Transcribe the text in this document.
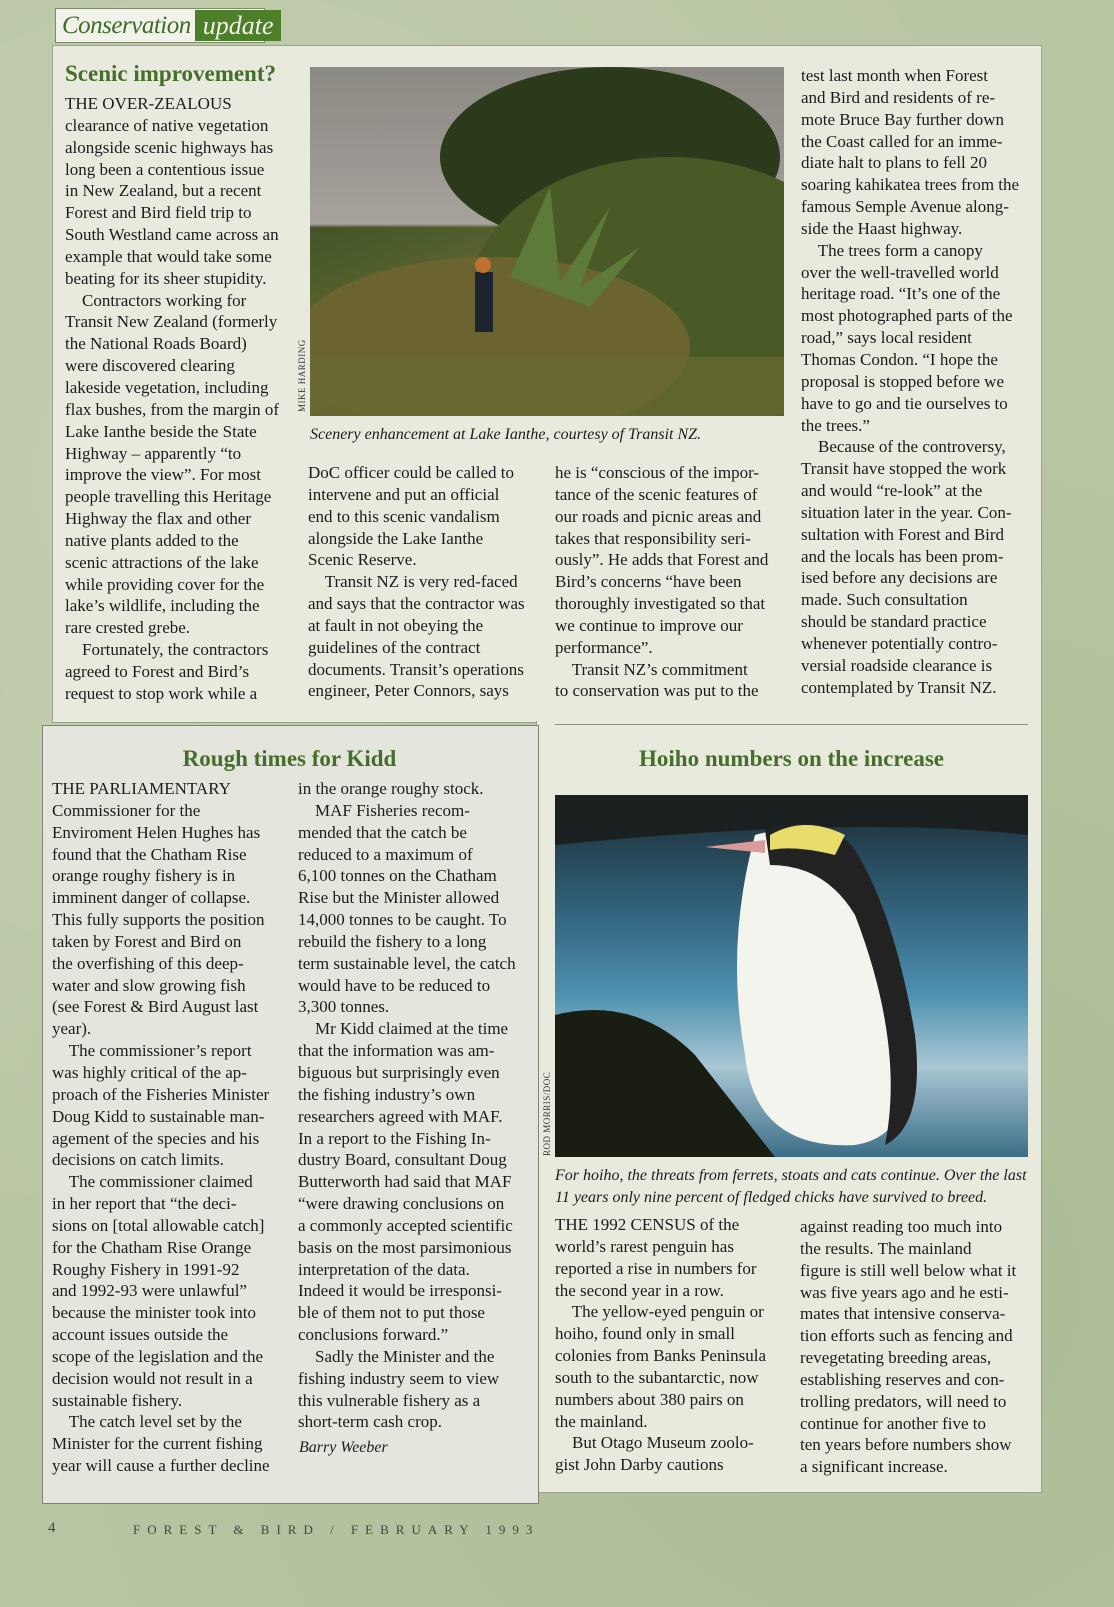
Conservation update
Scenic improvement?
THE OVER-ZEALOUS
clearance of native vegetation
alongside scenic highways has
long been a contentious issue
in New Zealand, but a recent
Forest and Bird field trip to
South Westland came across an
example that would take some
beating for its sheer stupidity.
Contractors working for
Transit New Zealand (formerly
the National Roads Board)
were discovered clearing
lakeside vegetation, including
flax bushes, from the margin of
Lake Ianthe beside the State
Highway – apparently “to
improve the view”. For most
people travelling this Heritage
Highway the flax and other
native plants added to the
scenic attractions of the lake
while providing cover for the
lake’s wildlife, including the
rare crested grebe.
Fortunately, the contractors
agreed to Forest and Bird’s
request to stop work while a
MIKE HARDING
Scenery enhancement at Lake Ianthe, courtesy of Transit NZ.
DoC officer could be called to
intervene and put an official
end to this scenic vandalism
alongside the Lake Ianthe
Scenic Reserve.
Transit NZ is very red-faced
and says that the contractor was
at fault in not obeying the
guidelines of the contract
documents. Transit’s operations
engineer, Peter Connors, says
he is “conscious of the impor-
tance of the scenic features of
our roads and picnic areas and
takes that responsibility seri-
ously”. He adds that Forest and
Bird’s concerns “have been
thoroughly investigated so that
we continue to improve our
performance”.
Transit NZ’s commitment
to conservation was put to the
test last month when Forest
and Bird and residents of re-
mote Bruce Bay further down
the Coast called for an imme-
diate halt to plans to fell 20
soaring kahikatea trees from the
famous Semple Avenue along-
side the Haast highway.
The trees form a canopy
over the well-travelled world
heritage road. “It’s one of the
most photographed parts of the
road,” says local resident
Thomas Condon. “I hope the
proposal is stopped before we
have to go and tie ourselves to
the trees.”
Because of the controversy,
Transit have stopped the work
and would “re-look” at the
situation later in the year. Con-
sultation with Forest and Bird
and the locals has been prom-
ised before any decisions are
made. Such consultation
should be standard practice
whenever potentially contro-
versial roadside clearance is
contemplated by Transit NZ.
Rough times for Kidd
THE PARLIAMENTARY
Commissioner for the
Enviroment Helen Hughes has
found that the Chatham Rise
orange roughy fishery is in
imminent danger of collapse.
This fully supports the position
taken by Forest and Bird on
the overfishing of this deep-
water and slow growing fish
(see Forest & Bird August last
year).
The commissioner’s report
was highly critical of the ap-
proach of the Fisheries Minister
Doug Kidd to sustainable man-
agement of the species and his
decisions on catch limits.
The commissioner claimed
in her report that “the deci-
sions on [total allowable catch]
for the Chatham Rise Orange
Roughy Fishery in 1991-92
and 1992-93 were unlawful”
because the minister took into
account issues outside the
scope of the legislation and the
decision would not result in a
sustainable fishery.
The catch level set by the
Minister for the current fishing
year will cause a further decline
in the orange roughy stock.
MAF Fisheries recom-
mended that the catch be
reduced to a maximum of
6,100 tonnes on the Chatham
Rise but the Minister allowed
14,000 tonnes to be caught. To
rebuild the fishery to a long
term sustainable level, the catch
would have to be reduced to
3,300 tonnes.
Mr Kidd claimed at the time
that the information was am-
biguous but surprisingly even
the fishing industry’s own
researchers agreed with MAF.
In a report to the Fishing In-
dustry Board, consultant Doug
Butterworth had said that MAF
“were drawing conclusions on
a commonly accepted scientific
basis on the most parsimonious
interpretation of the data.
Indeed it would be irresponsi-
ble of them not to put those
conclusions forward.”
Sadly the Minister and the
fishing industry seem to view
this vulnerable fishery as a
short-term cash crop.
Barry Weeber
Hoiho numbers on the increase
ROD MORRIS/DOC
For hoiho, the threats from ferrets, stoats and cats continue. Over the last
11 years only nine percent of fledged chicks have survived to breed.
THE 1992 CENSUS of the
world’s rarest penguin has
reported a rise in numbers for
the second year in a row.
The yellow-eyed penguin or
hoiho, found only in small
colonies from Banks Peninsula
south to the subantarctic, now
numbers about 380 pairs on
the mainland.
But Otago Museum zoolo-
gist John Darby cautions
against reading too much into
the results. The mainland
figure is still well below what it
was five years ago and he esti-
mates that intensive conserva-
tion efforts such as fencing and
revegetating breeding areas,
establishing reserves and con-
trolling predators, will need to
continue for another five to
ten years before numbers show
a significant increase.
4	FOREST & BIRD / FEBRUARY 1993
